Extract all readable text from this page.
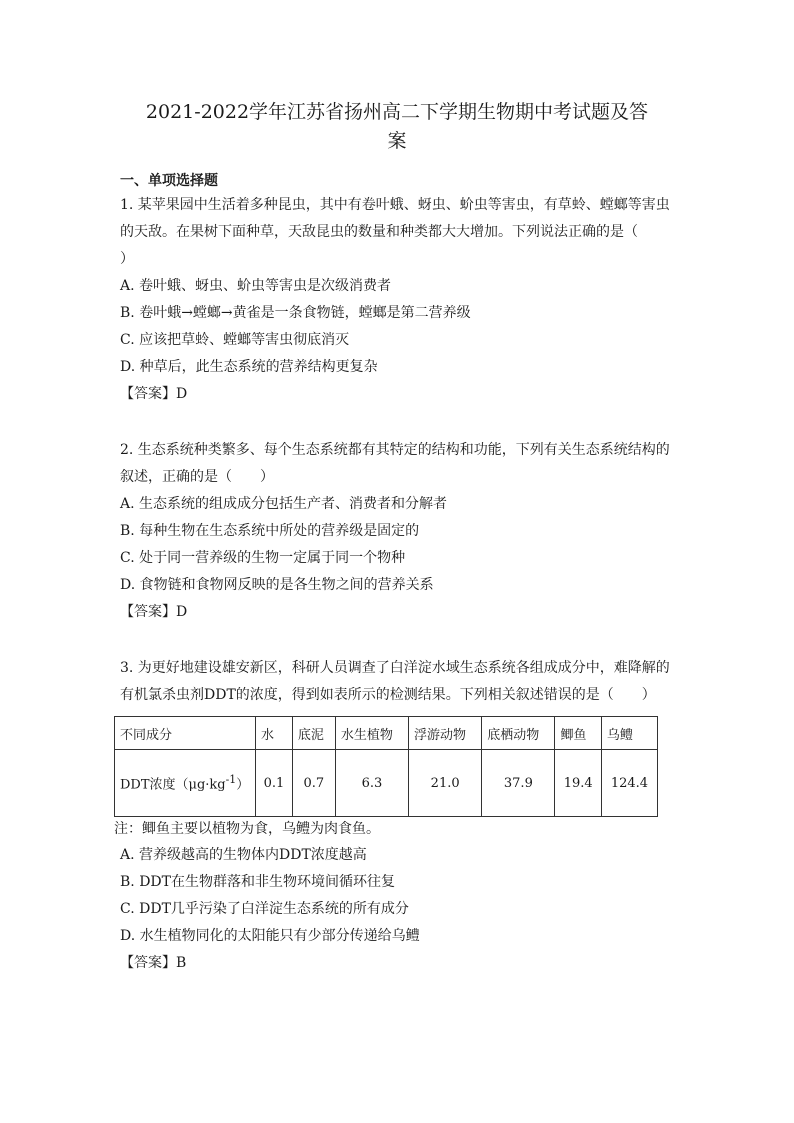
2021-2022学年江苏省扬州高二下学期生物期中考试题及答
案
一、单项选择题
1. 某苹果园中生活着多种昆虫，其中有卷叶蛾、蚜虫、蚧虫等害虫，有草蛉、螳螂等害虫
的天敌。在果树下面种草，天敌昆虫的数量和种类都大大增加。下列说法正确的是（
）
A. 卷叶蛾、蚜虫、蚧虫等害虫是次级消费者
B. 卷叶蛾→螳螂→黄雀是一条食物链，螳螂是第二营养级
C. 应该把草蛉、螳螂等害虫彻底消灭
D. 种草后，此生态系统的营养结构更复杂
【答案】D
2. 生态系统种类繁多、每个生态系统都有其特定的结构和功能，下列有关生态系统结构的
叙述，正确的是（　　）
A. 生态系统的组成成分包括生产者、消费者和分解者
B. 每种生物在生态系统中所处的营养级是固定的
C. 处于同一营养级的生物一定属于同一个物种
D. 食物链和食物网反映的是各生物之间的营养关系
【答案】D
3. 为更好地建设雄安新区，科研人员调查了白洋淀水域生态系统各组成成分中，难降解的
有机氯杀虫剂DDT的浓度，得到如表所示的检测结果。下列相关叙述错误的是（　　）
不同成分	水	底泥	水生植物	浮游动物	底栖动物	鲫鱼	乌鳢
DDT浓度$(\mu g\cdot kg^{-1})$	0.1	0.7	6.3	21.0	37.9	19.4	124.4
注：鲫鱼主要以植物为食，乌鳢为肉食鱼。
A. 营养级越高的生物体内DDT浓度越高
B. DDT在生物群落和非生物环境间循环往复
C. DDT几乎污染了白洋淀生态系统的所有成分
D. 水生植物同化的太阳能只有少部分传递给乌鳢
【答案】B
